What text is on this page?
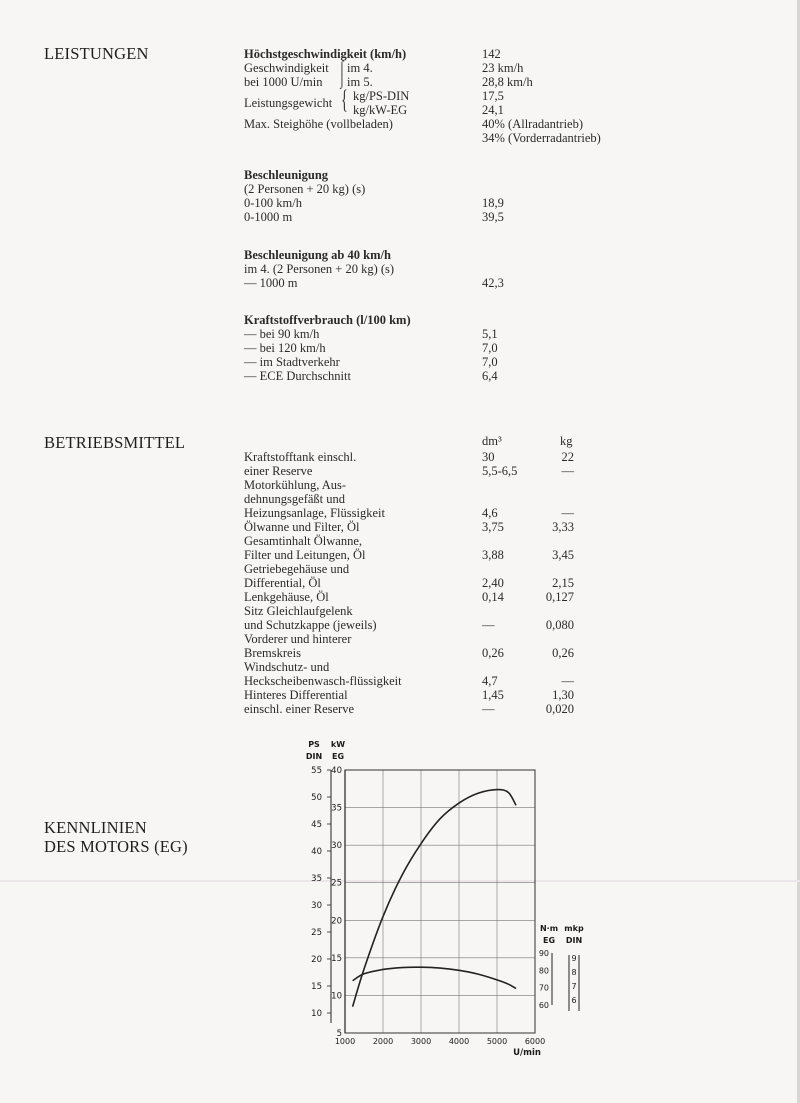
LEISTUNGEN	Höchstgeschwindigkeit (km/h)	142
Geschwindigkeit ⌠ im 4.	23 km/h
bei 1000 U/min ⌡ im 5.	28,8 km/h
Leistungsgewicht { kg/PS-DIN	17,5
kg/kW-EG	24,1
Max. Steighöhe (vollbeladen)	40% (Allradantrieb)
34% (Vorderradantrieb)
Beschleunigung
(2 Personen + 20 kg) (s)
0-100 km/h	18,9
0-1000 m	39,5
Beschleunigung ab 40 km/h
im 4. (2 Personen + 20 kg) (s)
— 1000 m	42,3
Kraftstoffverbrauch (l/100 km)
— bei 90 km/h	5,1
— bei 120 km/h	7,0
— im Stadtverkehr	7,0
— ECE Durchschnitt	6,4
BETRIEBSMITTEL	dm³	kg
Kraftstofftank einschl.	30	22
einer Reserve	5,5-6,5	—
Motorkühlung, Aus-
dehnungsgefäßt und
Heizungsanlage, Flüssigkeit	4,6	—
Ölwanne und Filter, Öl	3,75	3,33
Gesamtinhalt Ölwanne,
Filter und Leitungen, Öl	3,88	3,45
Getriebegehäuse und
Differential, Öl	2,40	2,15
Lenkgehäuse, Öl	0,14	0,127
Sitz Gleichlaufgelenk
und Schutzkappe (jeweils)	—	0,080
Vorderer und hinterer
Bremskreis	0,26	0,26
Windschutz- und
Heckscheibenwasch-flüssigkeit	4,7	—
Hinteres Differential	1,45	1,30
einschl. einer Reserve	—	0,020
KENNLINIEN
DES MOTORS (EG)
PS
DIN
kW
EG
55
50
45
40
35
30
25
20
15
10
40
35
30
25
20
15
10
5
1000 2000 3000 4000 5000 6000
U/min
N·m
EG
mkp
DIN
90
80
70
60
9
8
7
6
